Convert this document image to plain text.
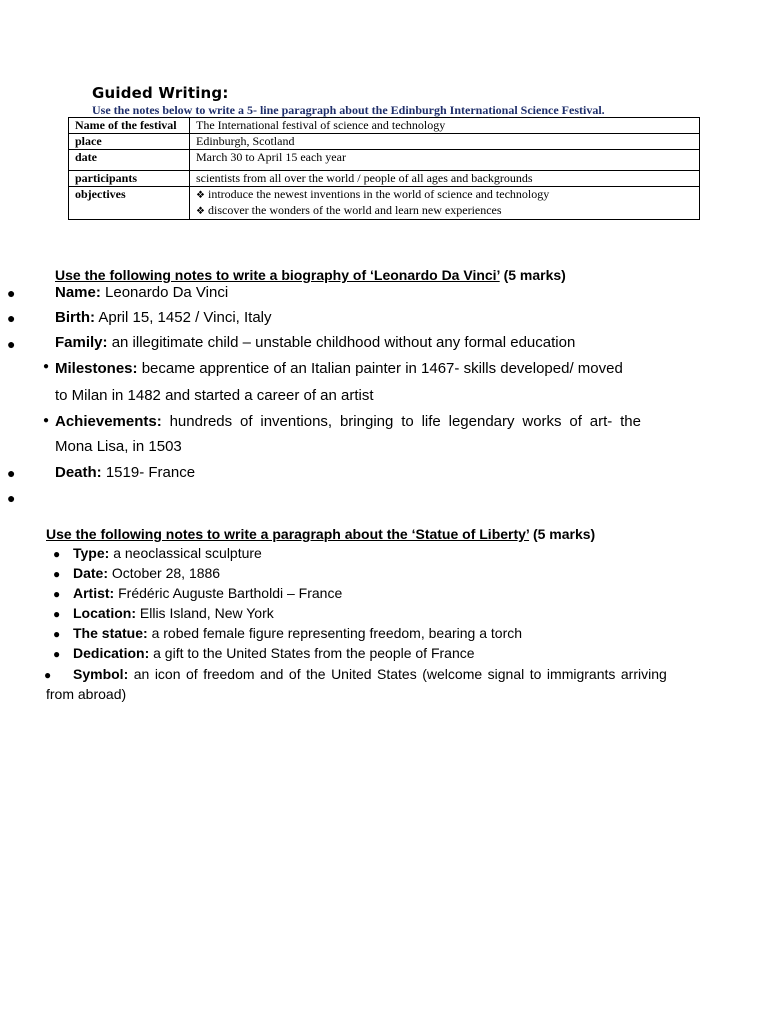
Guided Writing:
Use the notes below to write a 5- line paragraph about the Edinburgh International Science Festival.
Name of the festival	The International festival of science and technology
place	Edinburgh, Scotland
date	March 30 to April 15 each year
participants	scientists from all over the world / people of all ages and backgrounds
objectives	❖ introduce the newest inventions in the world of science and technology
❖ discover the wonders of the world and learn new experiences
Use the following notes to write a biography of ‘Leonardo Da Vinci’ (5 marks)
●	Name: Leonardo Da Vinci
●	Birth: April 15, 1452 / Vinci, Italy
●	Family: an illegitimate child – unstable childhood without any formal education
● Milestones: became apprentice of an Italian painter in 1467- skills developed/ moved
to Milan in 1482 and started a career of an artist
● Achievements: hundreds of inventions, bringing to life legendary works of art- the
Mona Lisa, in 1503
●	Death: 1519- France
●
Use the following notes to write a paragraph about the ‘Statue of Liberty’ (5 marks)
● Type: a neoclassical sculpture
● Date: October 28, 1886
● Artist: Frédéric Auguste Bartholdi – France
● Location: Ellis Island, New York
● The statue: a robed female figure representing freedom, bearing a torch
● Dedication: a gift to the United States from the people of France
● Symbol: an icon of freedom and of the United States (welcome signal to immigrants arriving
from abroad)
